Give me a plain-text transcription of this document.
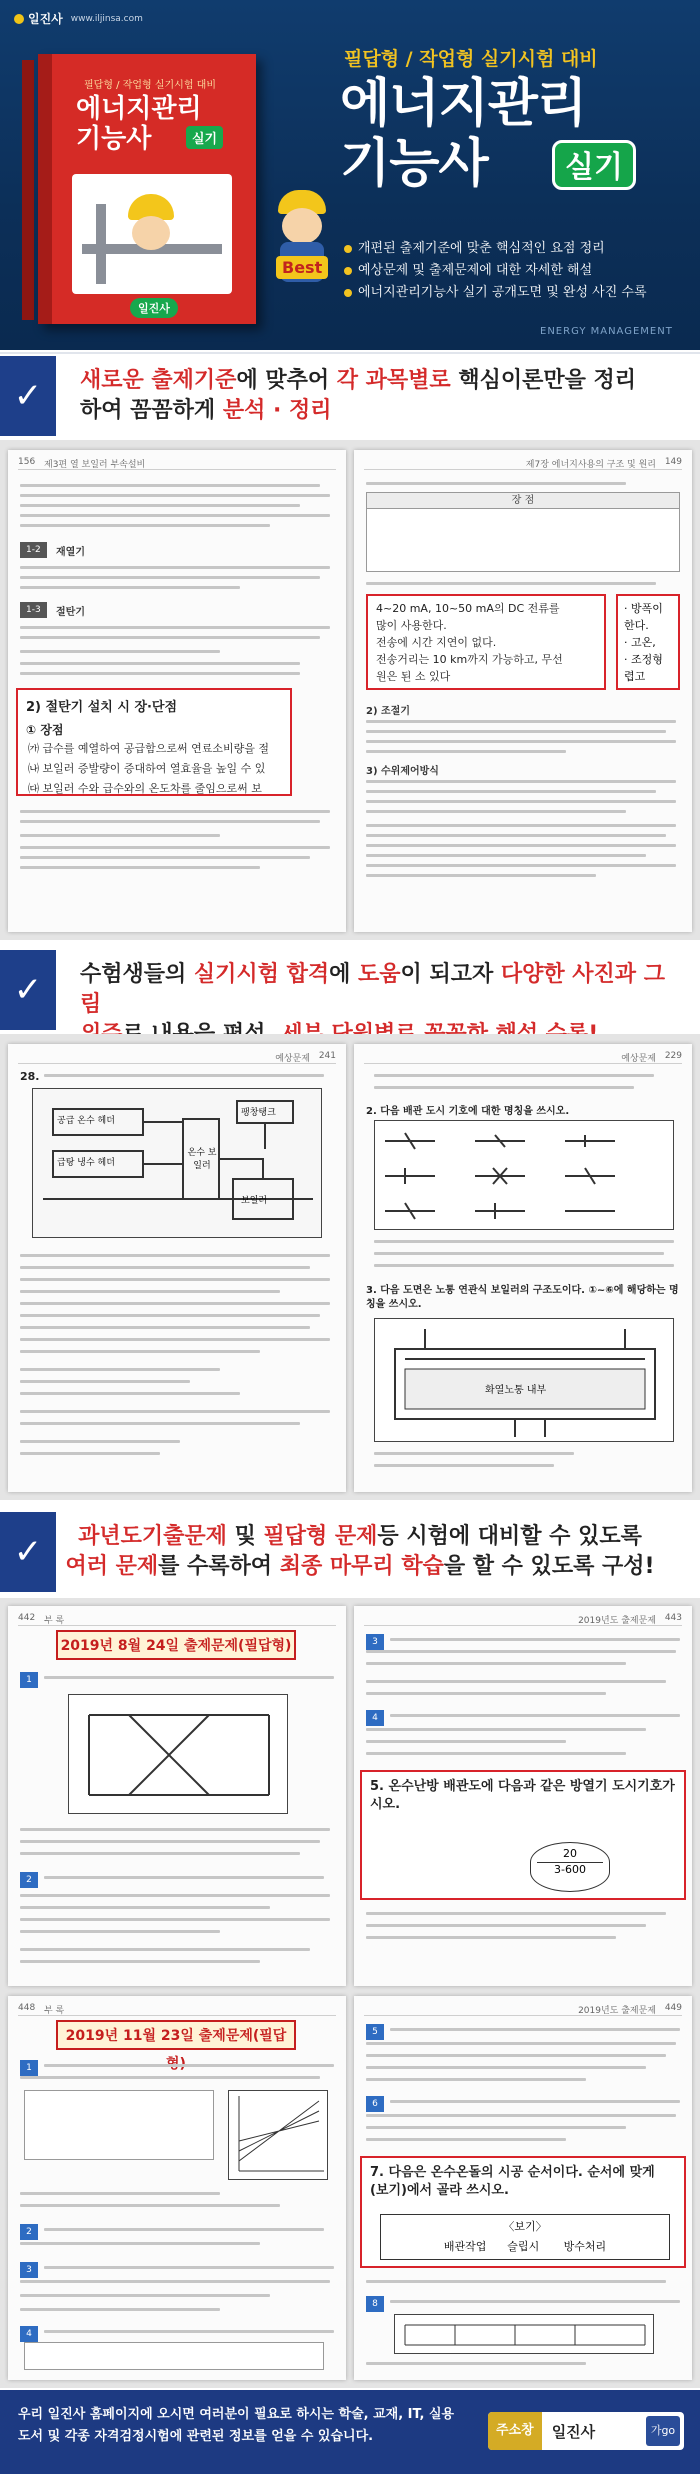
일진사 www.iljinsa.com
필답형 / 작업형 실기시험 대비
에너지관리
기능사	실기
일진사
Best
필답형 / 작업형 실기시험 대비
에너지관리
기능사	실기
개편된 출제기준에 맞춘 핵심적인 요점 정리
예상문제 및 출제문제에 대한 자세한 해설
에너지관리기능사 실기 공개도면 및 완성 사진 수록
ENERGY MANAGEMENT
✓	새로운 출제기준에 맞추어 각 과목별로 핵심이론만을 정리
하여 꼼꼼하게 분석 · 정리
156 제3편 열 보일러 부속설비
1-2	재열기
1-3	절탄기
2) 절탄기 설치 시 장·단점
① 장점
㈎ 급수를 예열하여 공급함으로써 연료소비량을 절
㈏ 보일러 증발량이 증대하여 열효율을 높일 수 있
㈐ 보일러 수와 급수와의 온도차를 줄임으로써 보
제7장 에너지사용의 구조 및 원리 149
장 점
4~20 mA, 10~50 mA의 DC 전류를
많이 사용한다.
전송에 시간 지연이 없다.
전송거리는 10 km까지 가능하고, 무선
원은 된 소 있다
· 방폭이
한다.
· 고온,
· 조정형
렵고
2) 조절기
3) 수위제어방식
✓	수험생들의 실기시험 합격에 도움이 되고자 다양한 사진과 그림
예상문제 241
28.
공급 온수 헤더
급탕 냉수 헤더
온수 보일러
보일러
팽창탱크
예상문제 229
2. 다음 배관 도시 기호에 대한 명칭을 쓰시오.
3. 다음 도면은 노통 연관식 보일러의 구조도이다. ①~⑥에 해당하는 명칭을 쓰시오.
화열노통 내부
✓	과년도기출문제 및 필답형 문제등 시험에 대비할 수 있도록
여러 문제를 수록하여 최종 마무리 학습을 할 수 있도록 구성!
442 부 록
2019년 8월 24일 출제문제(필답형)
1
2
2019년도 출제문제 443
3
4
5. 온수난방 배관도에 다음과 같은 방열기 도시기호가 시오.
20
3-600
448 부 록
2019년 11월 23일 출제문제(필답
1
2
3
4
2019년도 출제문제 449
5
6
7. 다음은 온수온돌의 시공 순서이다. 순서에 맞게 (보기)에서 골라 쓰시오.
〈보기〉
배관작업      슬립시       방수처리
8
우리 일진사 홈페이지에 오시면 여러분이 필요로 하시는 학술, 교재, IT, 실용도서 및 각종 자격검정시험에 관련된 정보를 얻을 수 있습니다.	주소창	일진사	가go
